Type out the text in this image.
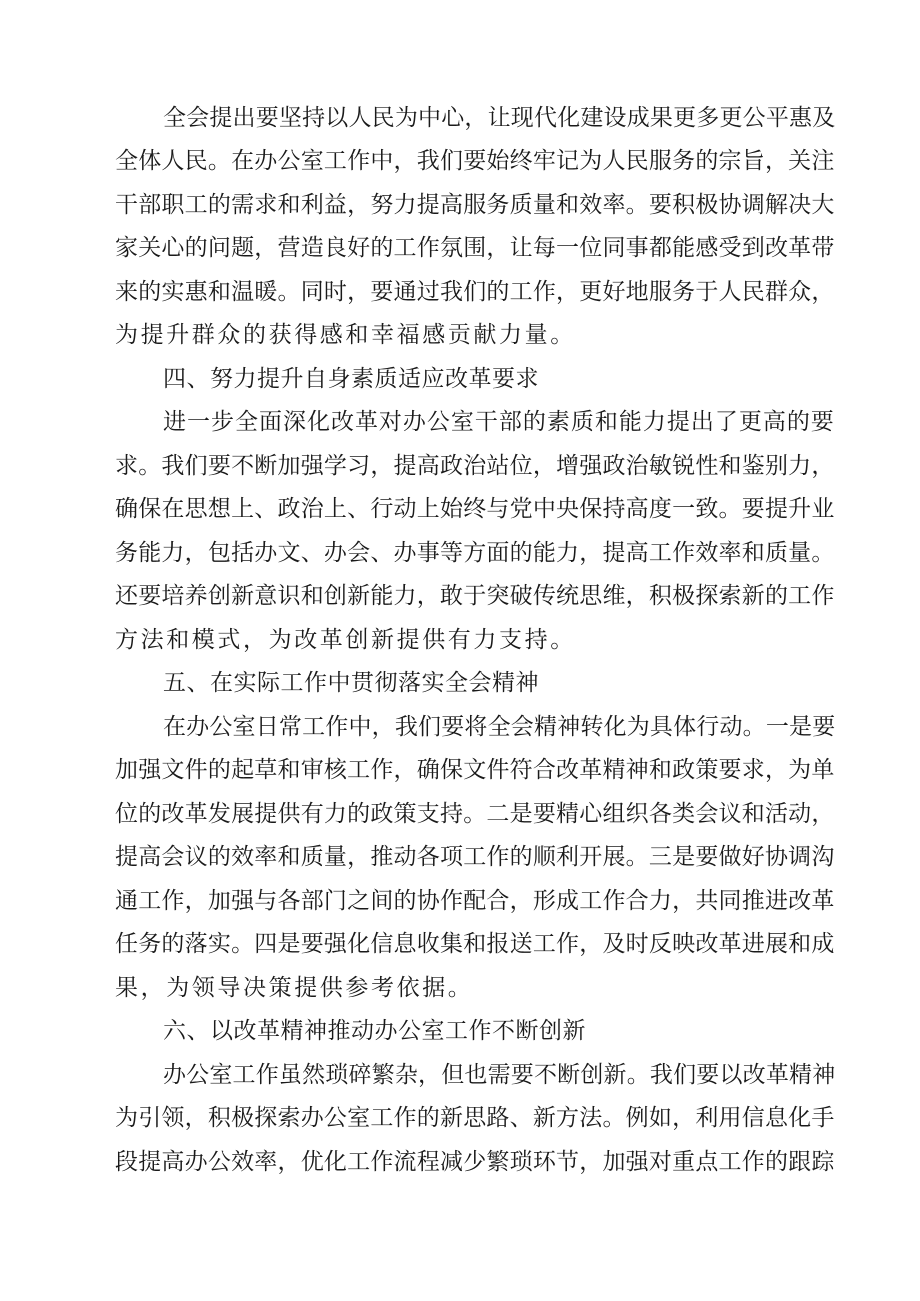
全会提出要坚持以人民为中心，让现代化建设成果更多更公平惠及
全体人民。在办公室工作中，我们要始终牢记为人民服务的宗旨，关注
干部职工的需求和利益，努力提高服务质量和效率。要积极协调解决大
家关心的问题，营造良好的工作氛围，让每一位同事都能感受到改革带
来的实惠和温暖。同时，要通过我们的工作，更好地服务于人民群众，
为提升群众的获得感和幸福感贡献力量。
四、努力提升自身素质适应改革要求
进一步全面深化改革对办公室干部的素质和能力提出了更高的要
求。我们要不断加强学习，提高政治站位，增强政治敏锐性和鉴别力，
确保在思想上、政治上、行动上始终与党中央保持高度一致。要提升业
务能力，包括办文、办会、办事等方面的能力，提高工作效率和质量。
还要培养创新意识和创新能力，敢于突破传统思维，积极探索新的工作
方法和模式，为改革创新提供有力支持。
五、在实际工作中贯彻落实全会精神
在办公室日常工作中，我们要将全会精神转化为具体行动。一是要
加强文件的起草和审核工作，确保文件符合改革精神和政策要求，为单
位的改革发展提供有力的政策支持。二是要精心组织各类会议和活动，
提高会议的效率和质量，推动各项工作的顺利开展。三是要做好协调沟
通工作，加强与各部门之间的协作配合，形成工作合力，共同推进改革
任务的落实。四是要强化信息收集和报送工作，及时反映改革进展和成
果，为领导决策提供参考依据。
六、以改革精神推动办公室工作不断创新
办公室工作虽然琐碎繁杂，但也需要不断创新。我们要以改革精神
为引领，积极探索办公室工作的新思路、新方法。例如，利用信息化手
段提高办公效率，优化工作流程减少繁琐环节，加强对重点工作的跟踪
